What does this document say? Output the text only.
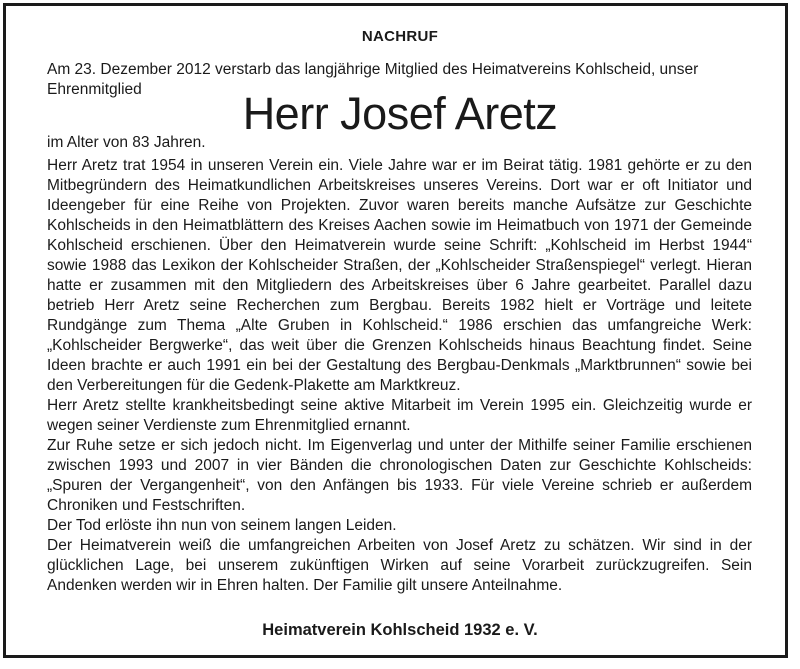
NACHRUF
Am 23. Dezember 2012 verstarb das langjährige Mitglied des Heimatvereins Kohlscheid, unser Ehrenmitglied	Herr Josef Aretz
im Alter von 83 Jahren.

Herr Aretz trat 1954 in unseren Verein ein. Viele Jahre war er im Beirat tätig. 1981 gehörte er zu den Mitbegründern des Heimatkundlichen Arbeitskreises unseres Vereins. Dort war er oft Initiator und Ideengeber für eine Reihe von Projekten. Zuvor waren bereits manche Aufsätze zur Geschichte Kohlscheids in den Heimatblättern des Kreises Aachen sowie im Heimatbuch von 1971 der Gemeinde Kohlscheid erschienen. Über den Heimatverein wurde seine Schrift: „Kohlscheid im Herbst 1944“ sowie 1988 das Lexikon der Kohlscheider Straßen, der „Kohlscheider Straßenspiegel“ verlegt. Hieran hatte er zusammen mit den Mitgliedern des Arbeitskreises über 6 Jahre gearbeitet. Parallel dazu betrieb Herr Aretz seine Recherchen zum Bergbau. Bereits 1982 hielt er Vorträge und leitete Rundgänge zum Thema „Alte Gruben in Kohlscheid.“ 1986 erschien das umfangreiche Werk: „Kohlscheider Bergwerke“, das weit über die Grenzen Kohlscheids hinaus Beachtung findet. Seine Ideen brachte er auch 1991 ein bei der Gestaltung des Bergbau-Denkmals „Marktbrunnen“ sowie bei den Verbereitungen für die Gedenk-Plakette am Marktkreuz.

Herr Aretz stellte krankheitsbedingt seine aktive Mitarbeit im Verein 1995 ein. Gleichzeitig wurde er wegen seiner Verdienste zum Ehrenmitglied ernannt.

Zur Ruhe setze er sich jedoch nicht. Im Eigenverlag und unter der Mithilfe seiner Familie erschienen zwischen 1993 und 2007 in vier Bänden die chronologischen Daten zur Geschichte Kohlscheids: „Spuren der Vergangenheit“, von den Anfängen bis 1933. Für viele Vereine schrieb er außerdem Chroniken und Festschriften.

Der Tod erlöste ihn nun von seinem langen Leiden.

Der Heimatverein weiß die umfangreichen Arbeiten von Josef Aretz zu schätzen. Wir sind in der glücklichen Lage, bei unserem zukünftigen Wirken auf seine Vorarbeit zurückzugreifen. Sein Andenken werden wir in Ehren halten. Der Familie gilt unsere Anteilnahme.

Heimatverein Kohlscheid 1932 e. V.
